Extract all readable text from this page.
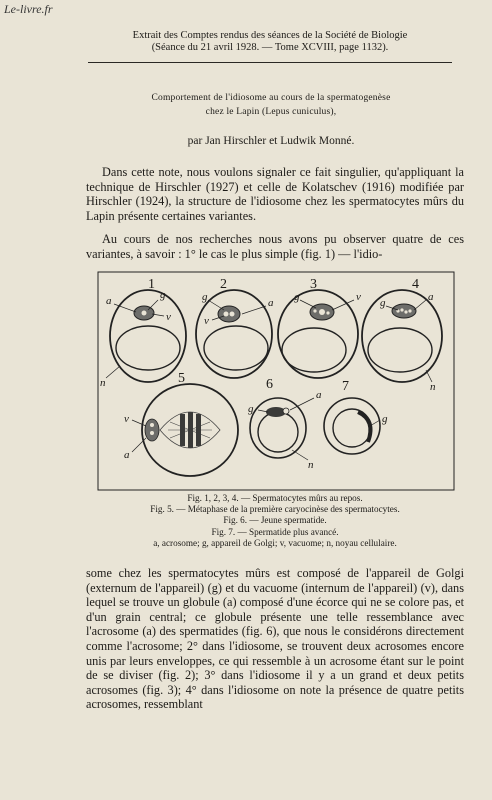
Le-livre.fr
Extrait des Comptes rendus des séances de la Société de Biologie
(Séance du 21 avril 1928. — Tome XCVIII, page 1132).
Comportement de l'idiosome au cours de la spermatogenèse
chez le Lapin (Lepus cuniculus),
par Jan Hirschler et Ludwik Monné.
Dans cette note, nous voulons signaler ce fait singulier, qu'appliquant la technique de Hirschler (1927) et celle de Kolatschev (1916) modifiée par Hirschler (1924), la structure de l'idiosome chez les spermatocytes mûrs du Lapin présente certaines variantes.
Au cours de nos recherches nous avons pu observer quatre de ces variantes, à savoir : 1° le cas le plus simple (fig. 1) — l'idio-
1	2	3	4
5	6	7
a	g
v
n
g
v
a g	v g	a
n
v
a
g
a
n
g
Fig. 1, 2, 3, 4. — Spermatocytes mûrs au repos.
Fig. 5. — Métaphase de la première caryocinèse des spermatocytes.
Fig. 6. — Jeune spermatide.
Fig. 7. — Spermatide plus avancé.
a, acrosome; g, appareil de Golgi; v, vacuome; n, noyau cellulaire.
some chez les spermatocytes mûrs est composé de l'appareil de Golgi (externum de l'appareil) (g) et du vacuome (internum de l'appareil) (v), dans lequel se trouve un globule (a) composé d'une écorce qui ne se colore pas, et d'un grain central; ce globule présente une telle ressemblance avec l'acrosome (a) des spermatides (fig. 6), que nous le considérons directement comme l'acrosome; 2° dans l'idiosome, se trouvent deux acrosomes encore unis par leurs enveloppes, ce qui ressemble à un acrosome étant sur le point de se diviser (fig. 2); 3° dans l'idiosome il y a un grand et deux petits acrosomes (fig. 3); 4° dans l'idiosome on note la présence de quatre petits acrosomes, ressemblant
